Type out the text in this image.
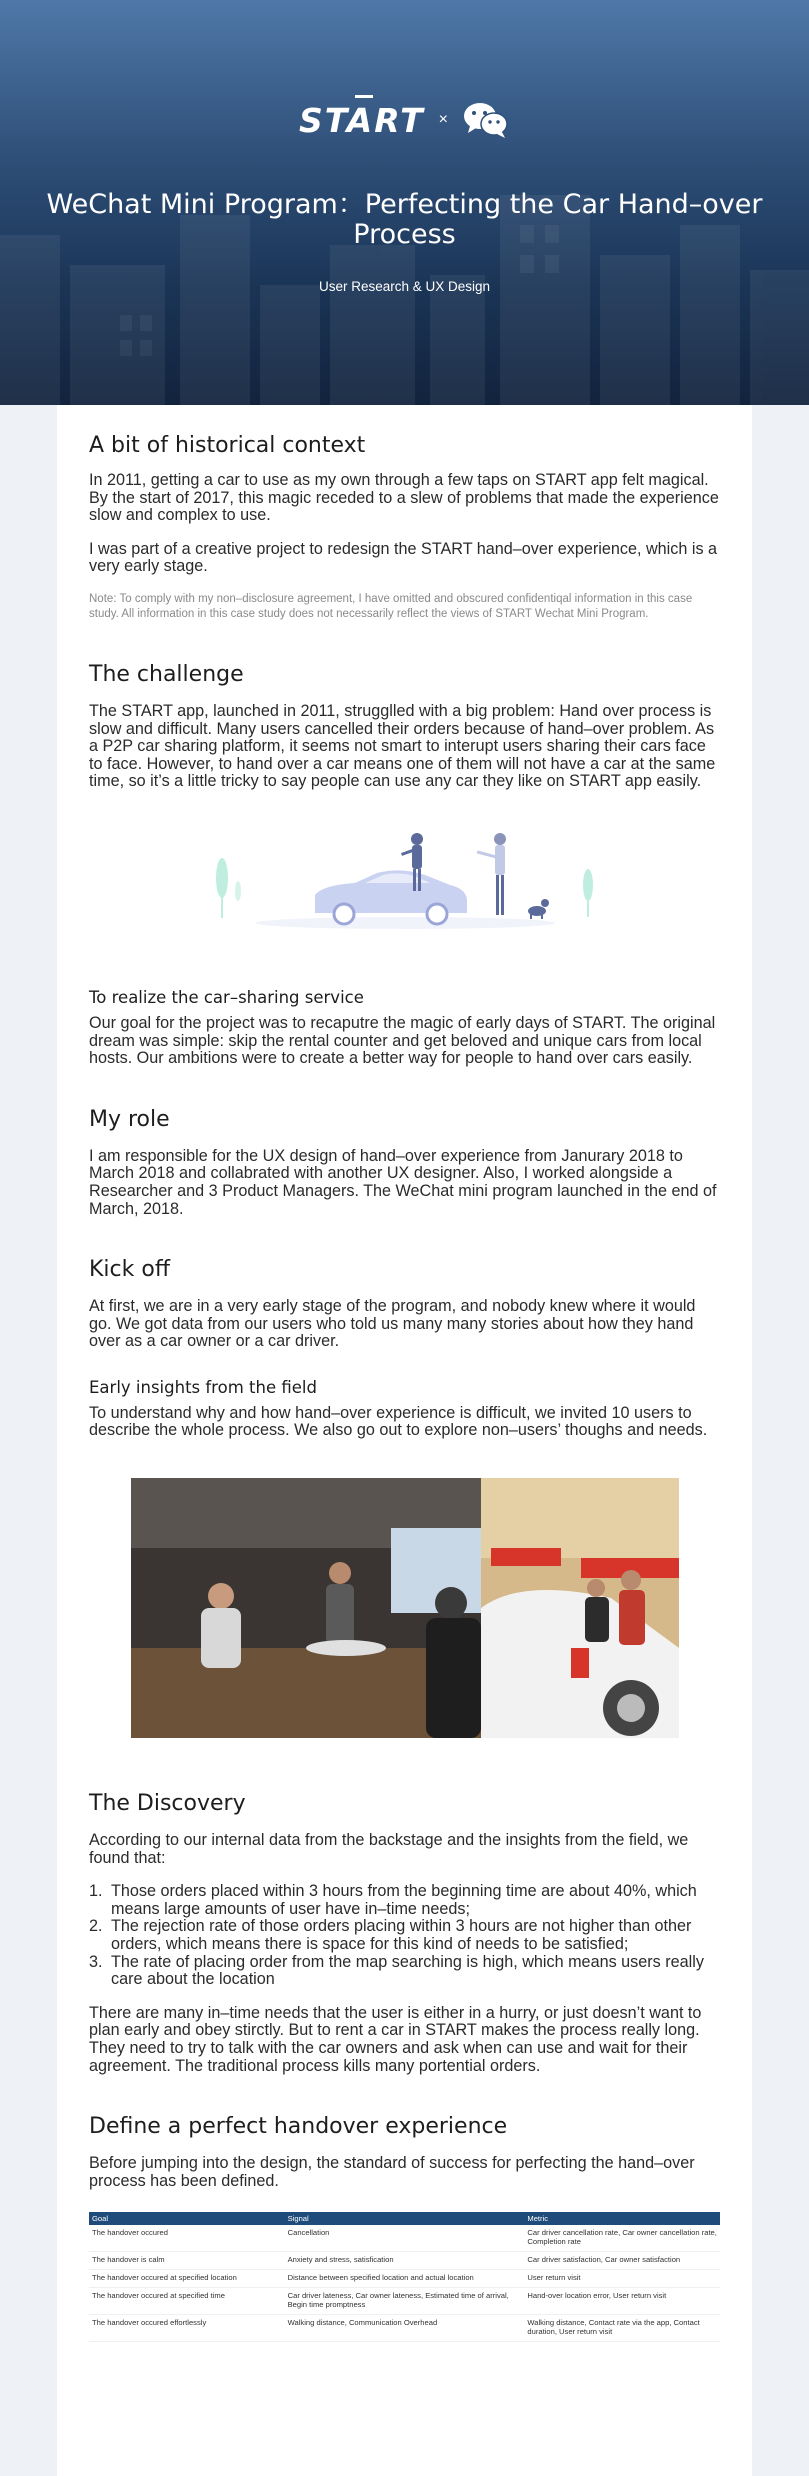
START ×
WeChat Mini Program：Perfecting the Car Hand–over Process
User Research & UX Design
A bit of historical context

In 2011, getting a car to use as my own through a few taps on START app felt magical. By the start of 2017, this magic receded to a slew of problems that made the experience slow and complex to use.

I was part of a creative project to redesign the START hand–over experience, which is a very early stage.

Note: To comply with my non–disclosure agreement, I have omitted and obscured confidentiqal information in this case study. All information in this case study does not necessarily reflect the views of START Wechat Mini Program.

The challenge

The START app, launched in 2011, strugglled with a big problem: Hand over process is slow and difficult. Many users cancelled their orders because of hand–over problem. As a P2P car sharing platform, it seems not smart to interupt users sharing their cars face to face. However, to hand over a car means one of them will not have a car at the same time, so it’s a little tricky to say people can use any car they like on START app easily.

To realize the car–sharing service

Our goal for the project was to recaputre the magic of early days of START. The original dream was simple: skip the rental counter and get beloved and unique cars from local hosts. Our ambitions were to create a better way for people to hand over cars easily.

My role

I am responsible for the UX design of hand–over experience from Janurary 2018 to March 2018 and collabrated with another UX designer. Also, I worked alongside a Researcher and 3 Product Managers. The WeChat mini program launched in the end of March, 2018.

Kick off

At first, we are in a very early stage of the program, and nobody knew where it would go. We got data from our users who told us many many stories about how they hand over as a car owner or a car driver.

Early insights from the field

To understand why and how hand–over experience is difficult, we invited 10 users to describe the whole process. We also go out to explore non–users’ thoughs and needs.

The Discovery

According to our internal data from the backstage and the insights from the field, we found that:

1. Those orders placed within 3 hours from the beginning time are about 40%, which means large amounts of user have in–time needs;
2. The rejection rate of those orders placing within 3 hours are not higher than other orders, which means there is space for this kind of needs to be satisfied;
3. The rate of placing order from the map searching is high, which means users really care about the location

There are many in–time needs that the user is either in a hurry, or just doesn’t want to plan early and obey stirctly. But to rent a car in START makes the process really long. They need to try to talk with the car owners and ask when can use and wait for their agreement. The traditional process kills many portential orders.

Define a perfect handover experience

Before jumping into the design, the standard of success for perfecting the hand–over process has been defined.

Goal	Signal	Metric
The handover occured	Cancellation	Car driver cancellation rate, Car owner cancellation rate, Completion rate
The handover is calm	Anxiety and stress, satisfication	Car driver satisfaction, Car owner satisfaction
The handover occured at specified location	Distance between specified location and actual location	User return visit
The handover occured at specified time	Car driver lateness, Car owner lateness, Estimated time of arrival, Begin time promptness	Hand-over location error, User return visit
The handover occured effortlessly	Walking distance, Communication Overhead	Walking distance, Contact rate via the app, Contact duration, User return visit
